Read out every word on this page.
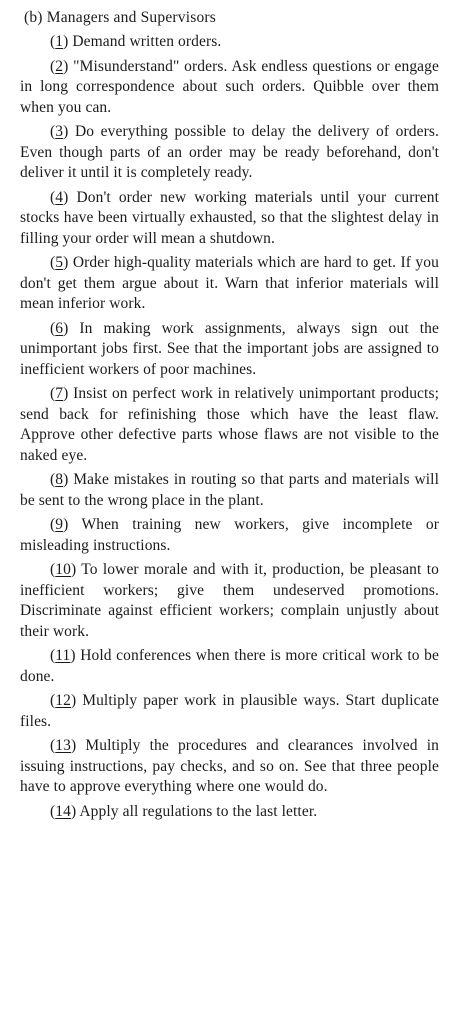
(b) Managers and Supervisors

(1) Demand written orders.

(2) "Misunderstand" orders. Ask endless questions or engage in long correspondence about such orders. Quibble over them when you can.

(3) Do everything possible to delay the delivery of orders. Even though parts of an order may be ready beforehand, don't deliver it until it is completely ready.

(4) Don't order new working materials until your current stocks have been virtually exhausted, so that the slightest delay in filling your order will mean a shutdown.

(5) Order high-quality materials which are hard to get. If you don't get them argue about it. Warn that inferior materials will mean inferior work.

(6) In making work assignments, always sign out the unimportant jobs first. See that the important jobs are assigned to inefficient workers of poor machines.

(7) Insist on perfect work in relatively unimportant products; send back for refinishing those which have the least flaw. Approve other defective parts whose flaws are not visible to the naked eye.

(8) Make mistakes in routing so that parts and materials will be sent to the wrong place in the plant.

(9) When training new workers, give incomplete or misleading instructions.

(10) To lower morale and with it, production, be pleasant to inefficient workers; give them undeserved promotions. Discriminate against efficient workers; complain unjustly about their work.

(11) Hold conferences when there is more critical work to be done.

(12) Multiply paper work in plausible ways. Start duplicate files.

(13) Multiply the procedures and clearances involved in issuing instructions, pay checks, and so on. See that three people have to approve everything where one would do.

(14) Apply all regulations to the last letter.
